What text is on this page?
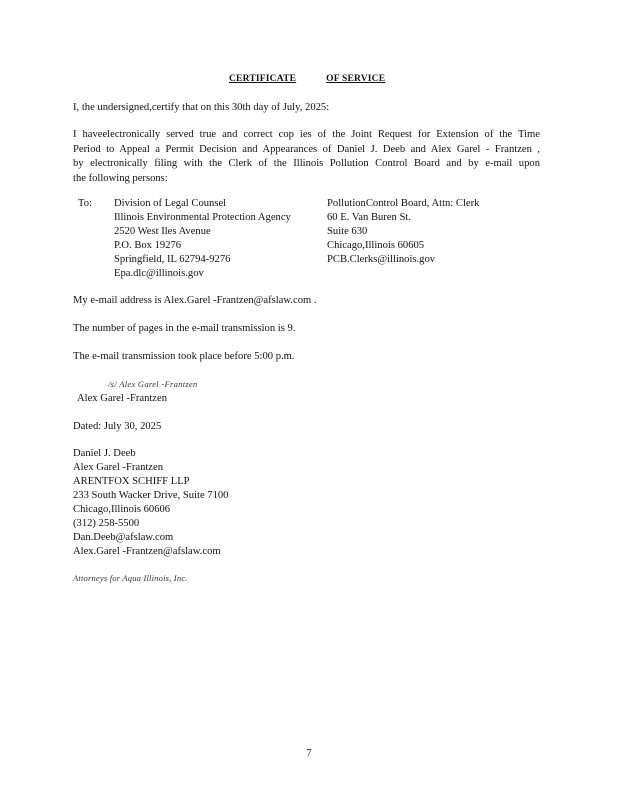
CERTIFICATE	OF SERVICE
I, the undersigned,certify that on this 30th day of July, 2025:
I haveelectronically served true and correct cop ies of the Joint Request for Extension of the Time
Period to Appeal a Permit Decision and Appearances of Daniel J. Deeb and Alex Garel - Frantzen ,
by electronically filing with the Clerk of the Illinois Pollution Control Board and by e-mail upon
the following persons:
To: Division of Legal Counsel
Illinois Environmental Protection Agency
2520 West Iles Avenue
P.O. Box 19276
Springfield, IL 62794-9276
Epa.dlc@illinois.gov
PollutionControl Board, Attn: Clerk
60 E. Van Buren St.
Suite 630
Chicago,Illinois 60605
PCB.Clerks@illinois.gov
My e-mail address is Alex.Garel -Frantzen@afslaw.com .
The number of pages in the e-mail transmission is 9.
The e-mail transmission took place before 5:00 p.m.
/s/ Alex Garel -Frantzen
Alex Garel -Frantzen
Dated: July 30, 2025
Daniel J. Deeb
Alex Garel -Frantzen
ARENTFOX SCHIFF LLP
233 South Wacker Drive, Suite 7100
Chicago,Illinois 60606
(312) 258-5500
Dan.Deeb@afslaw.com
Alex.Garel -Frantzen@afslaw.com
Attorneys for Aqua Illinois, Inc.
7
